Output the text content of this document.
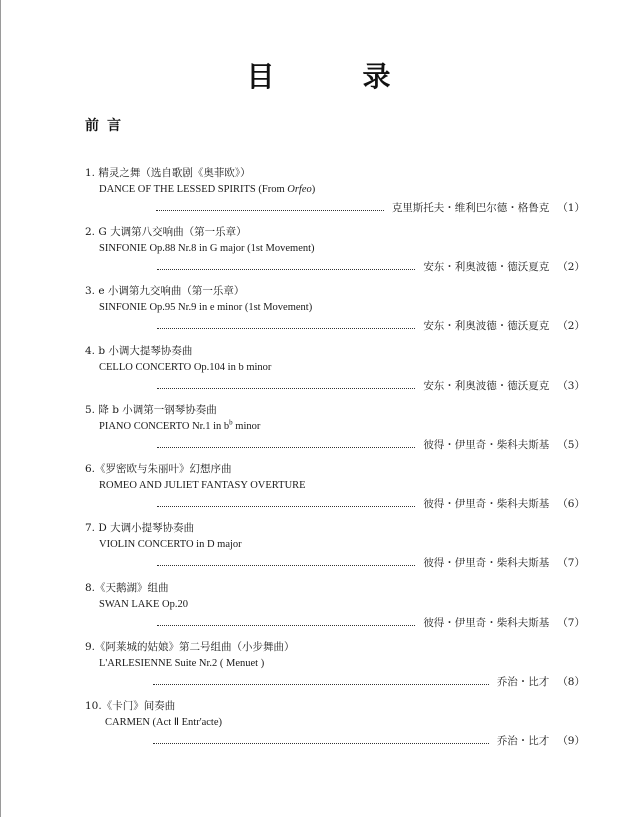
目　录
前言
1. 精灵之舞（选自歌剧《奥菲欧》）
DANCE OF THE LESSED SPIRITS (From Orfeo)
克里斯托夫・维利巴尔德・格鲁克 （1）
2. G 大调第八交响曲（第一乐章）
SINFONIE Op.88 Nr.8 in G major (1st Movement)
安东・利奥波德・德沃夏克 （2）
3. e 小调第九交响曲（第一乐章）
SINFONIE Op.95 Nr.9 in e minor (1st Movement)
安东・利奥波德・德沃夏克 （2）
4. b 小调大提琴协奏曲
CELLO CONCERTO Op.104 in b minor
安东・利奥波德・德沃夏克 （3）
5. 降 b 小调第一钢琴协奏曲
PIANO CONCERTO Nr.1 in $b^b$ minor
彼得・伊里奇・柴科夫斯基 （5）
6.《罗密欧与朱丽叶》幻想序曲
ROMEO AND JULIET FANTASY OVERTURE
彼得・伊里奇・柴科夫斯基 （6）
7. D 大调小提琴协奏曲
VIOLIN CONCERTO in D major
彼得・伊里奇・柴科夫斯基 （7）
8.《天鹅湖》组曲
SWAN LAKE Op.20
彼得・伊里奇・柴科夫斯基 （7）
9.《阿莱城的姑娘》第二号组曲（小步舞曲）
L'ARLESIENNE Suite Nr.2 ( Menuet )
乔治・比才 （8）
10.《卡门》间奏曲
CARMEN (Act Ⅱ Entr'acte)
乔治・比才 （9）
